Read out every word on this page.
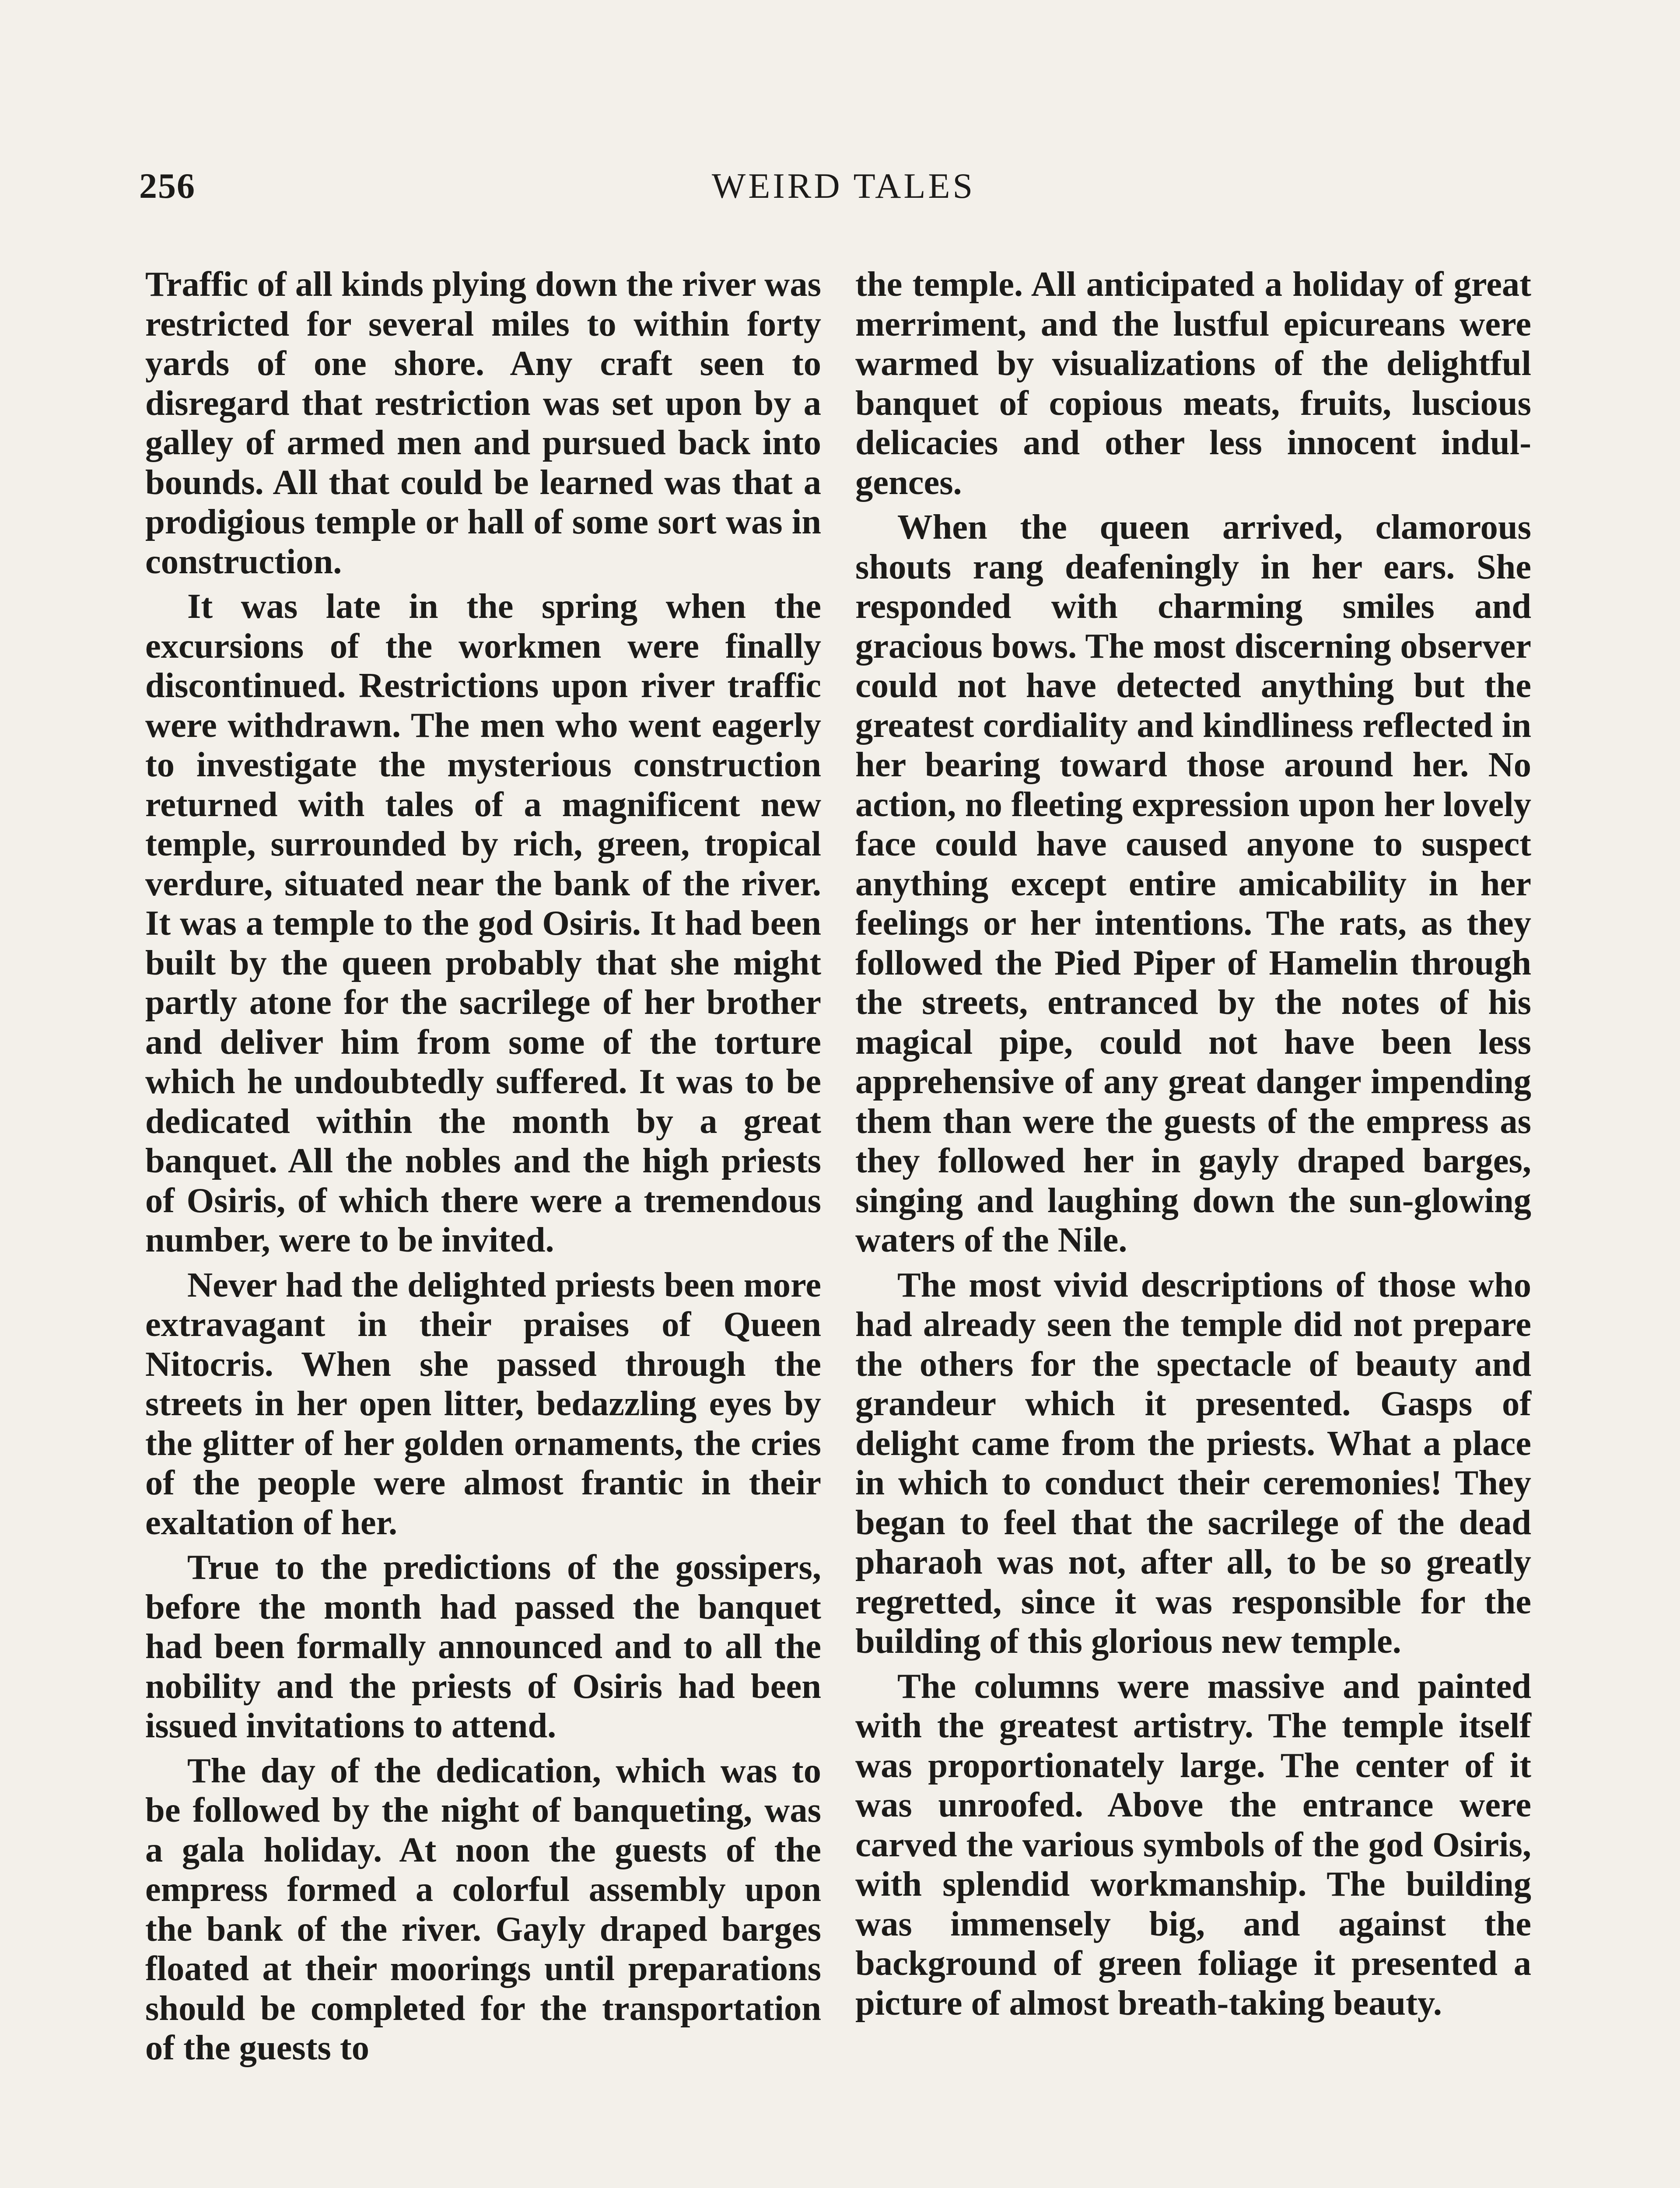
256	WEIRD TALES

Traffic of all kinds plying down the river was restricted for several miles to within forty yards of one shore. Any craft seen to disregard that restriction was set upon by a galley of armed men and pursued back into bounds. All that could be learned was that a prodigious temple or hall of some sort was in construction.

It was late in the spring when the excursions of the workmen were finally discontinued. Restrictions upon river traffic were withdrawn. The men who went eagerly to investigate the mysterious construction returned with tales of a magnificent new temple, surrounded by rich, green, tropical verdure, situated near the bank of the river. It was a temple to the god Osiris. It had been built by the queen probably that she might partly atone for the sacrilege of her brother and deliver him from some of the torture which he undoubtedly suffered. It was to be dedicated within the month by a great banquet. All the nobles and the high priests of Osiris, of which there were a tremendous number, were to be invited.

Never had the delighted priests been more extravagant in their praises of Queen Nitocris. When she passed through the streets in her open litter, bedazzling eyes by the glitter of her golden ornaments, the cries of the people were almost frantic in their exaltation of her.

True to the predictions of the gossipers, before the month had passed the banquet had been formally announced and to all the nobility and the priests of Osiris had been issued invitations to attend.

The day of the dedication, which was to be followed by the night of banqueting, was a gala holiday. At noon the guests of the empress formed a colorful assembly upon the bank of the river. Gayly draped barges floated at their moorings until preparations should be completed for the transportation of the guests to

the temple. All anticipated a holiday of great merriment, and the lustful epicureans were warmed by visualizations of the delightful banquet of copious meats, fruits, luscious delicacies and other less innocent indulgences.

When the queen arrived, clamorous shouts rang deafeningly in her ears. She responded with charming smiles and gracious bows. The most discerning observer could not have detected anything but the greatest cordiality and kindliness reflected in her bearing toward those around her. No action, no fleeting expression upon her lovely face could have caused anyone to suspect anything except entire amicability in her feelings or her intentions. The rats, as they followed the Pied Piper of Hamelin through the streets, entranced by the notes of his magical pipe, could not have been less apprehensive of any great danger impending them than were the guests of the empress as they followed her in gayly draped barges, singing and laughing down the sun-glowing waters of the Nile.

The most vivid descriptions of those who had already seen the temple did not prepare the others for the spectacle of beauty and grandeur which it presented. Gasps of delight came from the priests. What a place in which to conduct their ceremonies! They began to feel that the sacrilege of the dead pharaoh was not, after all, to be so greatly regretted, since it was responsible for the building of this glorious new temple.

The columns were massive and painted with the greatest artistry. The temple itself was proportionately large. The center of it was unroofed. Above the entrance were carved the various symbols of the god Osiris, with splendid workmanship. The building was immensely big, and against the background of green foliage it presented a picture of almost breath-taking beauty.
